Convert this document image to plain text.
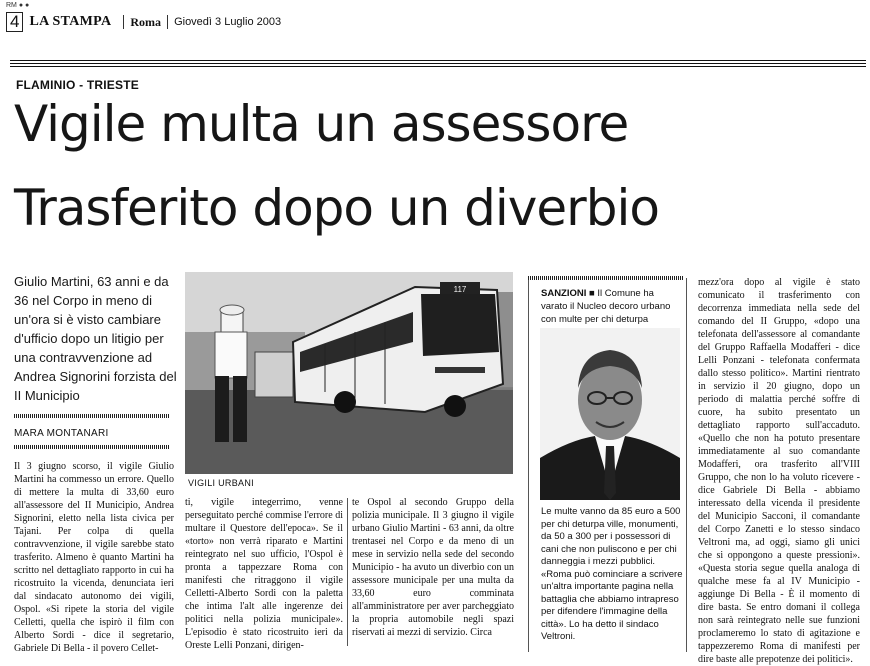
RM ● ●
4 LA STAMPA Roma Giovedì 3 Luglio 2003
FLAMINIO - TRIESTE
Vigile multa un assessore
Trasferito dopo un diverbio
Giulio Martini, 63 anni e da 36 nel Corpo in meno di un'ora si è visto cambiare d'ufficio dopo un litigio per una contravvenzione ad Andrea Signorini forzista del II Municipio
MARA MONTANARI

Il 3 giugno scorso, il vigile Giulio Martini ha commesso un errore. Quello di mettere la multa di 33,60 euro all'assessore del II Municipio, Andrea Signorini, eletto nella lista civica per Tajani. Per colpa di quella contravvenzione, il vigile sarebbe stato trasferito. Almeno è quanto Martini ha scritto nel dettagliato rapporto in cui ha ricostruito la vicenda, denunciata ieri dal sindacato autonomo dei vigili, Ospol. «Si ripete la storia del vigile Celletti, quella che ispirò il film con Alberto Sordi - dice il segretario, Gabriele Di Bella - il povero Cellet-

117
VIGILI URBANI

ti, vigile integerrimo, venne perseguitato perché commise l'errore di multare il Questore dell'epoca». Se il «torto» non verrà riparato e Martini reintegrato nel suo ufficio, l'Ospol è pronta a tappezzare Roma con manifesti che ritraggono il vigile Celletti-Alberto Sordi con la paletta che intima l'alt alle ingerenze dei politici nella polizia municipale». L'episodio è stato ricostruito ieri da Oreste Lelli Ponzani, dirigen-

te Ospol al secondo Gruppo della polizia municipale. Il 3 giugno il vigile urbano Giulio Martini - 63 anni, da oltre trentasei nel Corpo e da meno di un mese in servizio nella sede del secondo Municipio - ha avuto un diverbio con un assessore municipale per una multa da 33,60 euro comminata all'amministratore per aver parcheggiato la propria automobile negli spazi riservati ai mezzi di servizio. Circa

SANZIONI ■ Il Comune ha varato il Nucleo decoro urbano con multe per chi deturpa
Le multe vanno da 85 euro a 500 per chi deturpa ville, monumenti, da 50 a 300 per i possessori di cani che non puliscono e per chi danneggia i mezzi pubblici. «Roma può cominciare a scrivere un'altra importante pagina nella battaglia che abbiamo intrapreso per difendere l'immagine della città». Lo ha detto il sindaco Veltroni.

mezz'ora dopo al vigile è stato comunicato il trasferimento con decorrenza immediata nella sede del comando del II Gruppo, «dopo una telefonata dell'assessore al comandante del Gruppo Raffaella Modafferi - dice Lelli Ponzani - telefonata confermata dallo stesso politico». Martini rientrato in servizio il 20 giugno, dopo un periodo di malattia perché soffre di cuore, ha subito presentato un dettagliato rapporto sull'accaduto. «Quello che non ha potuto presentare immediatamente al suo comandante Modafferi, ora trasferito all'VIII Gruppo, che non lo ha voluto ricevere - dice Gabriele Di Bella - abbiamo interessato della vicenda il presidente del Municipio Sacconi, il comandante del Corpo Zanetti e lo stesso sindaco Veltroni ma, ad oggi, siamo gli unici che si oppongono a queste pressioni». «Questa storia segue quella analoga di qualche mese fa al IV Municipio - aggiunge Di Bella - È il momento di dire basta. Se entro domani il collega non sarà reintegrato nelle sue funzioni proclameremo lo stato di agitazione e tappezzeremo Roma di manifesti per dire baste alle prepotenze dei politici».
